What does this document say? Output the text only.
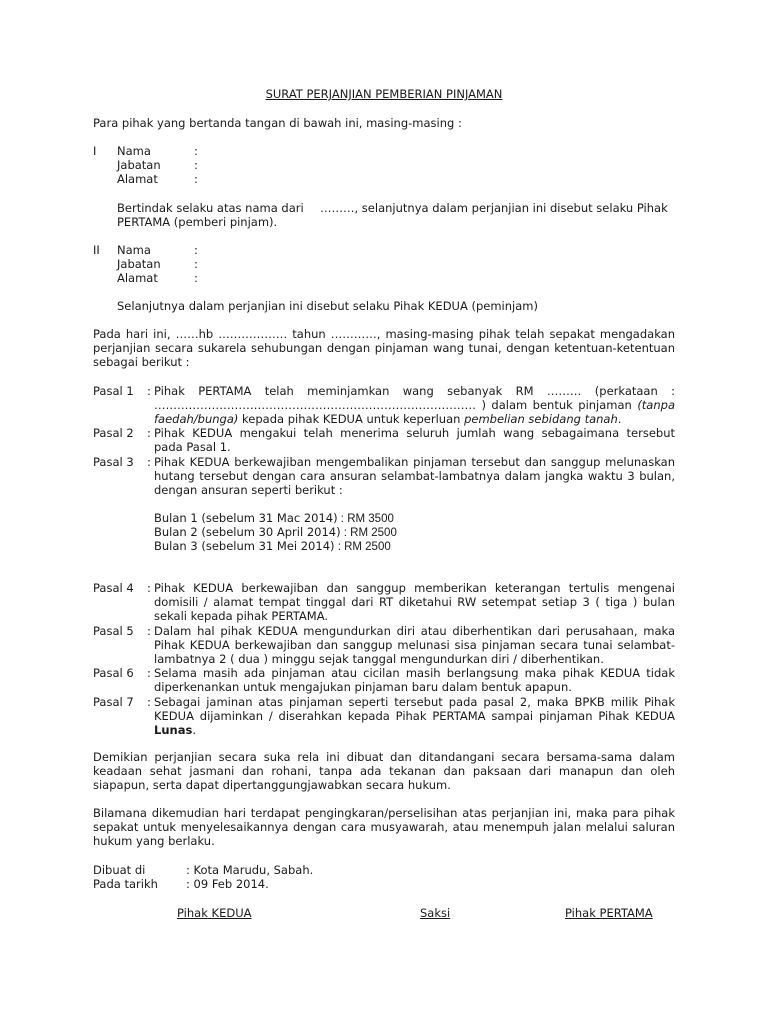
SURAT PERJANJIAN PEMBERIAN PINJAMAN
Para pihak yang bertanda tangan di bawah ini, masing-masing :
I Nama	:
Jabatan	:
Alamat	:
Bertindak selaku atas nama dari ………, selanjutnya dalam perjanjian ini disebut selaku Pihak
PERTAMA (pemberi pinjam).
II Nama	:
Jabatan	:
Alamat	:
Selanjutnya dalam perjanjian ini disebut selaku Pihak KEDUA (peminjam)
Pada hari ini, ……hb ……………… tahun …………, masing-masing pihak telah sepakat mengadakan
perjanjian secara sukarela sehubungan dengan pinjaman wang tunai, dengan ketentuan-ketentuan
sebagai berikut :
Pasal 1 : Pihak PERTAMA telah meminjamkan wang sebanyak RM ……… (perkataan :
………………………………………………………………………… ) dalam bentuk pinjaman (tanpa
faedah/bunga) kepada pihak KEDUA untuk keperluan pembelian sebidang tanah.
Pasal 2 : Pihak KEDUA mengakui telah menerima seluruh jumlah wang sebagaimana tersebut
pada Pasal 1.
Pasal 3 : Pihak KEDUA berkewajiban mengembalikan pinjaman tersebut dan sanggup melunaskan
hutang tersebut dengan cara ansuran selambat-lambatnya dalam jangka waktu 3 bulan,
dengan ansuran seperti berikut :
Bulan 1 (sebelum 31 Mac 2014) : RM 3500
Bulan 2 (sebelum 30 April 2014) : RM 2500
Bulan 3 (sebelum 31 Mei 2014) : RM 2500
Pasal 4 : Pihak KEDUA berkewajiban dan sanggup memberikan keterangan tertulis mengenai
domisili / alamat tempat tinggal dari RT diketahui RW setempat setiap 3 ( tiga ) bulan
sekali kepada pihak PERTAMA.
Pasal 5 : Dalam hal pihak KEDUA mengundurkan diri atau diberhentikan dari perusahaan, maka
Pihak KEDUA berkewajiban dan sanggup melunasi sisa pinjaman secara tunai selambat-
lambatnya 2 ( dua ) minggu sejak tanggal mengundurkan diri / diberhentikan.
Pasal 6 : Selama masih ada pinjaman atau cicilan masih berlangsung maka pihak KEDUA tidak
diperkenankan untuk mengajukan pinjaman baru dalam bentuk apapun.
Pasal 7 : Sebagai jaminan atas pinjaman seperti tersebut pada pasal 2, maka BPKB milik Pihak
KEDUA dijaminkan / diserahkan kepada Pihak PERTAMA sampai pinjaman Pihak KEDUA
Lunas.
Demikian perjanjian secara suka rela ini dibuat dan ditandangani secara bersama-sama dalam
keadaan sehat jasmani dan rohani, tanpa ada tekanan dan paksaan dari manapun dan oleh
siapapun, serta dapat dipertanggungjawabkan secara hukum.
Bilamana dikemudian hari terdapat pengingkaran/perselisihan atas perjanjian ini, maka para pihak
sepakat untuk menyelesaikannya dengan cara musyawarah, atau menempuh jalan melalui saluran
hukum yang berlaku.
Dibuat di	: Kota Marudu, Sabah.
Pada tarikh : 09 Feb 2014.
Pihak KEDUA	Saksi	Pihak PERTAMA
